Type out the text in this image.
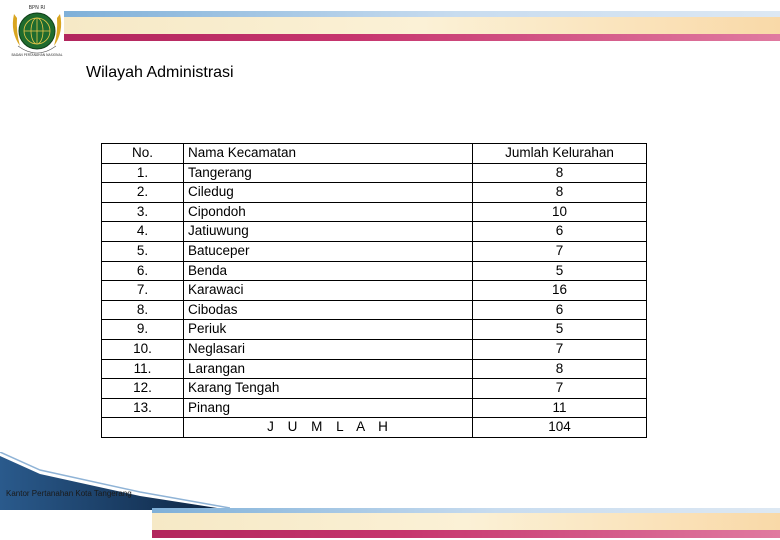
BPN RI
BADAN PERTANAHAN NASIONAL
Wilayah Administrasi
No.	Nama Kecamatan	Jumlah Kelurahan
1.	Tangerang	8
2.	Ciledug	8
3.	Cipondoh	10
4.	Jatiuwung	6
5.	Batuceper	7
6.	Benda	5
7.	Karawaci	16
8.	Cibodas	6
9.	Periuk	5
10.	Neglasari	7
11.	Larangan	8
12.	Karang Tengah	7
13.	Pinang	11
	J U M L A H	104
Kantor Pertanahan Kota Tangerang
